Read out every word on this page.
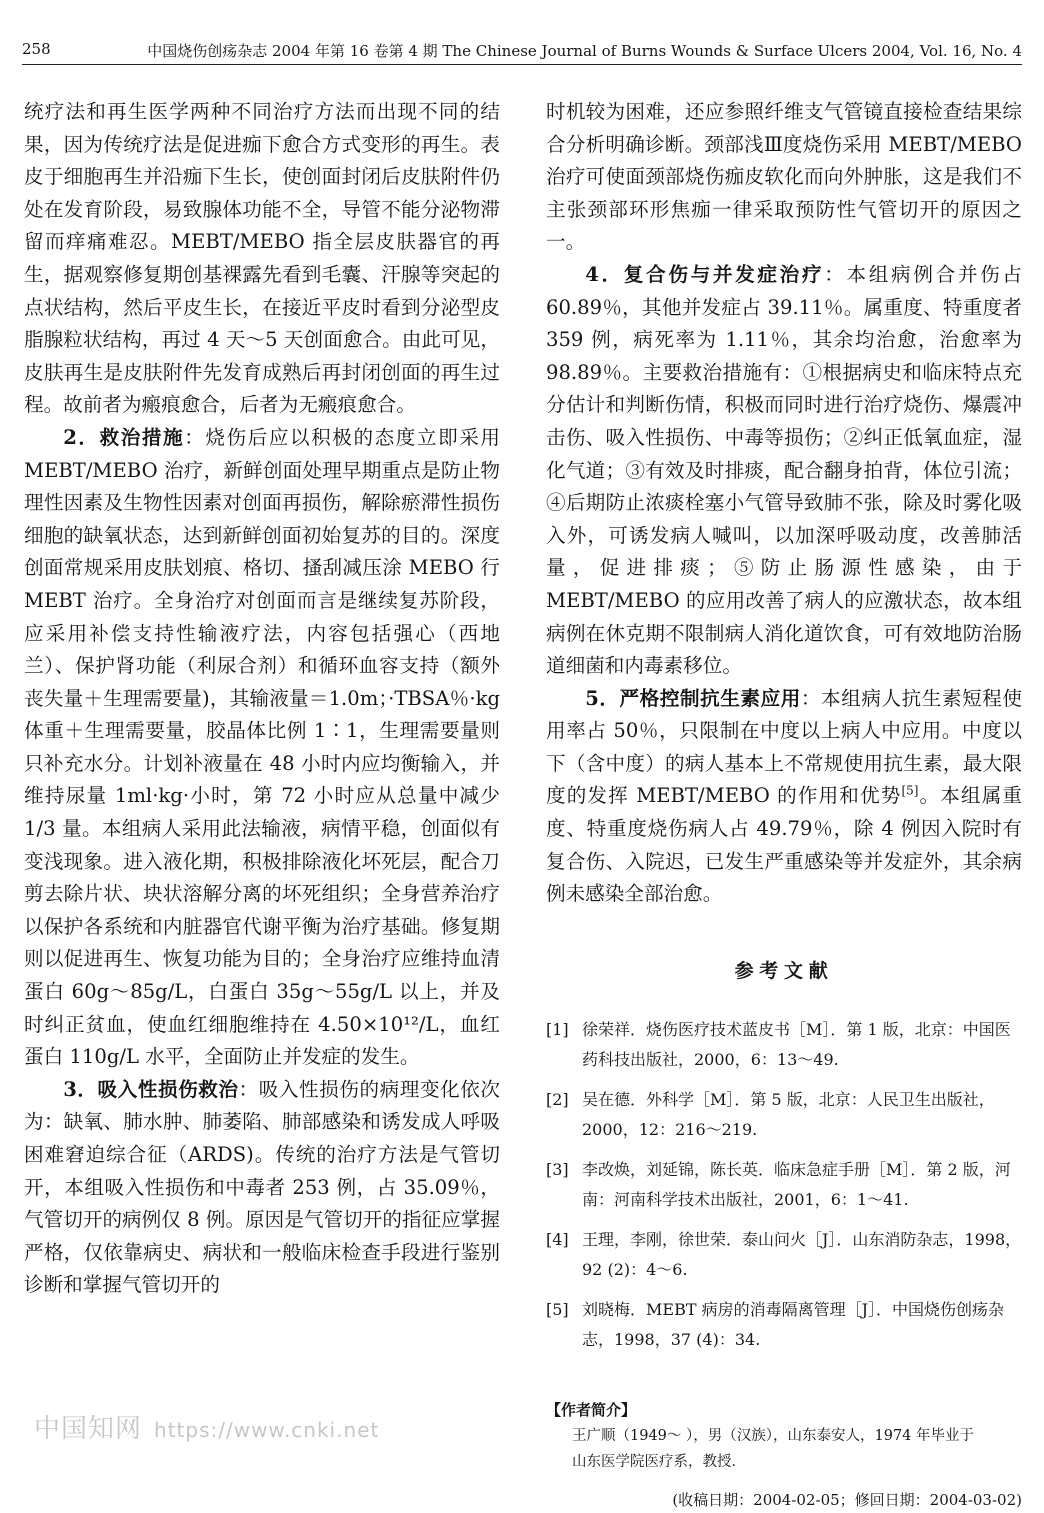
258	中国烧伤创疡杂志 2004 年第 16 卷第 4 期 The Chinese Journal of Burns Wounds & Surface Ulcers 2004, Vol. 16, No. 4

统疗法和再生医学两种不同治疗方法而出现不同的结果，因为传统疗法是促进痂下愈合方式变形的再生。表皮于细胞再生并沿痂下生长，使创面封闭后皮肤附件仍处在发育阶段，易致腺体功能不全，导管不能分泌物滞留而痒痛难忍。MEBT/MEBO 指全层皮肤器官的再生，据观察修复期创基裸露先看到毛囊、汗腺等突起的点状结构，然后平皮生长，在接近平皮时看到分泌型皮脂腺粒状结构，再过 4 天～5 天创面愈合。由此可见，皮肤再生是皮肤附件先发育成熟后再封闭创面的再生过程。故前者为瘢痕愈合，后者为无瘢痕愈合。

2．救治措施：烧伤后应以积极的态度立即采用 MEBT/MEBO 治疗，新鲜创面处理早期重点是防止物理性因素及生物性因素对创面再损伤，解除瘀滞性损伤细胞的缺氧状态，达到新鲜创面初始复苏的目的。深度创面常规采用皮肤划痕、格切、搔刮减压涂 MEBO 行 MEBT 治疗。全身治疗对创面而言是继续复苏阶段，应采用补偿支持性输液疗法，内容包括强心（西地兰）、保护肾功能（利尿合剂）和循环血容支持（额外丧失量＋生理需要量)，其输液量＝1.0m；·TBSA％·kg 体重＋生理需要量，胶晶体比例 1∶1，生理需要量则只补充水分。计划补液量在 48 小时内应均衡输入，并维持尿量 1ml·kg·小时，第 72 小时应从总量中减少 1/3 量。本组病人采用此法输液，病情平稳，创面似有变浅现象。进入液化期，积极排除液化坏死层，配合刀剪去除片状、块状溶解分离的坏死组织；全身营养治疗以保护各系统和内脏器官代谢平衡为治疗基础。修复期则以促进再生、恢复功能为目的；全身治疗应维持血清蛋白 60g～85g/L，白蛋白 35g～55g/L 以上，并及时纠正贫血，使血红细胞维持在 4.50×10¹²/L，血红蛋白 110g/L 水平，全面防止并发症的发生。

3．吸入性损伤救治：吸入性损伤的病理变化依次为：缺氧、肺水肿、肺萎陷、肺部感染和诱发成人呼吸困难窘迫综合征（ARDS)。传统的治疗方法是气管切开，本组吸入性损伤和中毒者 253 例，占 35.09％，气管切开的病例仅 8 例。原因是气管切开的指征应掌握严格，仅依靠病史、病状和一般临床检查手段进行鉴别诊断和掌握气管切开的

时机较为困难，还应参照纤维支气管镜直接检查结果综合分析明确诊断。颈部浅Ⅲ度烧伤采用 MEBT/MEBO 治疗可使面颈部烧伤痂皮软化而向外肿胀，这是我们不主张颈部环形焦痂一律采取预防性气管切开的原因之一。

4．复合伤与并发症治疗：本组病例合并伤占 60.89％，其他并发症占 39.11％。属重度、特重度者 359 例，病死率为 1.11％，其余均治愈，治愈率为 98.89％。主要救治措施有：①根据病史和临床特点充分估计和判断伤情，积极而同时进行治疗烧伤、爆震冲击伤、吸入性损伤、中毒等损伤；②纠正低氧血症，湿化气道；③有效及时排痰，配合翻身拍背，体位引流；④后期防止浓痰栓塞小气管导致肺不张，除及时雾化吸入外，可诱发病人喊叫，以加深呼吸动度，改善肺活量，促进排痰；⑤防止肠源性感染，由于 MEBT/MEBO 的应用改善了病人的应激状态，故本组病例在休克期不限制病人消化道饮食，可有效地防治肠道细菌和内毒素移位。

5．严格控制抗生素应用：本组病人抗生素短程使用率占 50％，只限制在中度以上病人中应用。中度以下（含中度）的病人基本上不常规使用抗生素，最大限度的发挥 MEBT/MEBO 的作用和优势[5]。本组属重度、特重度烧伤病人占 49.79％，除 4 例因入院时有复合伤、入院迟，已发生严重感染等并发症外，其余病例未感染全部治愈。

参考文献
[1] 徐荣祥．烧伤医疗技术蓝皮书［M］．第 1 版，北京：中国医药科技出版社，2000，6：13～49.
[2] 吴在德．外科学［M］．第 5 版，北京：人民卫生出版社，2000，12：216～219.
[3] 李改焕，刘延锦，陈长英．临床急症手册［M］．第 2 版，河南：河南科学技术出版社，2001，6：1～41.
[4] 王理，李刚，徐世荣．泰山问火［J］．山东消防杂志，1998，92 (2)：4～6.
[5] 刘晓梅．MEBT 病房的消毒隔离管理［J］．中国烧伤创疡杂志，1998，37 (4)：34.
【作者简介】
王广顺（1949～ ），男（汉族），山东泰安人，1974 年毕业于
山东医学院医疗系，教授．
(收稿日期：2004-02-05；修回日期：2004-03-02)
中国知网 https://www.cnki.net
